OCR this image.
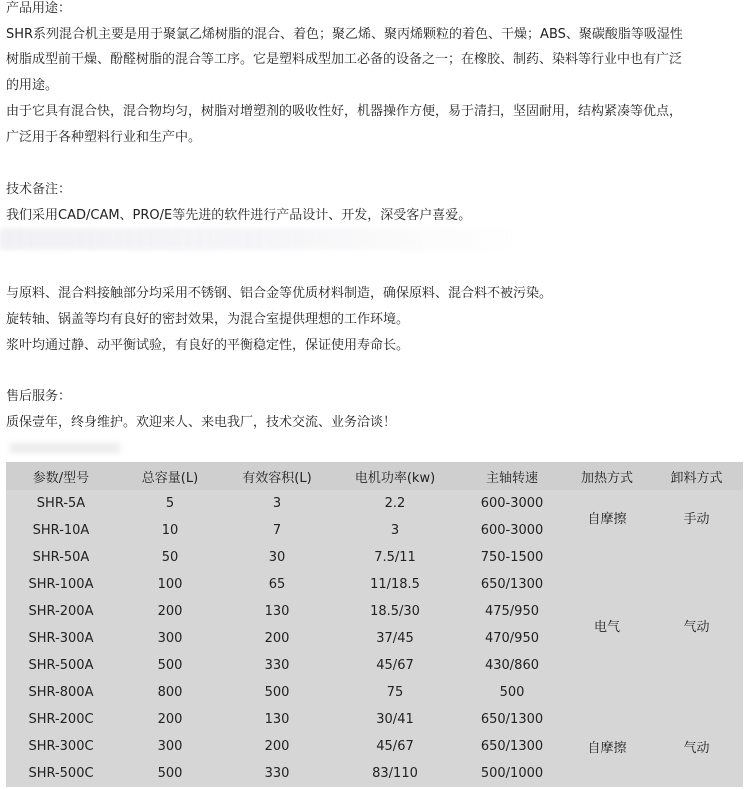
产品用途：
SHR系列混合机主要是用于聚氯乙烯树脂的混合、着色；聚乙烯、聚丙烯颗粒的着色、干燥；ABS、聚碳酸脂等吸湿性
树脂成型前干燥、酚醛树脂的混合等工序。它是塑料成型加工必备的设备之一；在橡胶、制药、染料等行业中也有广泛
的用途。
由于它具有混合快，混合物均匀，树脂对增塑剂的吸收性好，机器操作方便，易于清扫，坚固耐用，结构紧凑等优点，
广泛用于各种塑料行业和生产中。
技术备注：
我们采用CAD/CAM、PRO/E等先进的软件进行产品设计、开发，深受客户喜爱。
与原料、混合料接触部分均采用不锈钢、铝合金等优质材料制造，确保原料、混合料不被污染。
旋转轴、锅盖等均有良好的密封效果，为混合室提供理想的工作环境。
浆叶均通过静、动平衡试验，有良好的平衡稳定性，保证使用寿命长。
售后服务：
质保壹年，终身维护。欢迎来人、来电我厂，技术交流、业务洽谈！
参数/型号	总容量(L)	有效容积(L)	电机功率(kw)	主轴转速	加热方式	卸料方式
SHR-5A	5	3	2.2	600-3000	自摩擦	手动
SHR-10A	10	7	3	600-3000		
SHR-50A	50	30	7.5/11	750-1500	电气	气动
SHR-100A	100	65	11/18.5	650/1300		
SHR-200A	200	130	18.5/30	475/950		
SHR-300A	300	200	37/45	470/950		
SHR-500A	500	330	45/67	430/860		
SHR-800A	800	500	75	500		
SHR-200C	200	130	30/41	650/1300	自摩擦	气动
SHR-300C	300	200	45/67	650/1300		
SHR-500C	500	330	83/110	500/1000		
